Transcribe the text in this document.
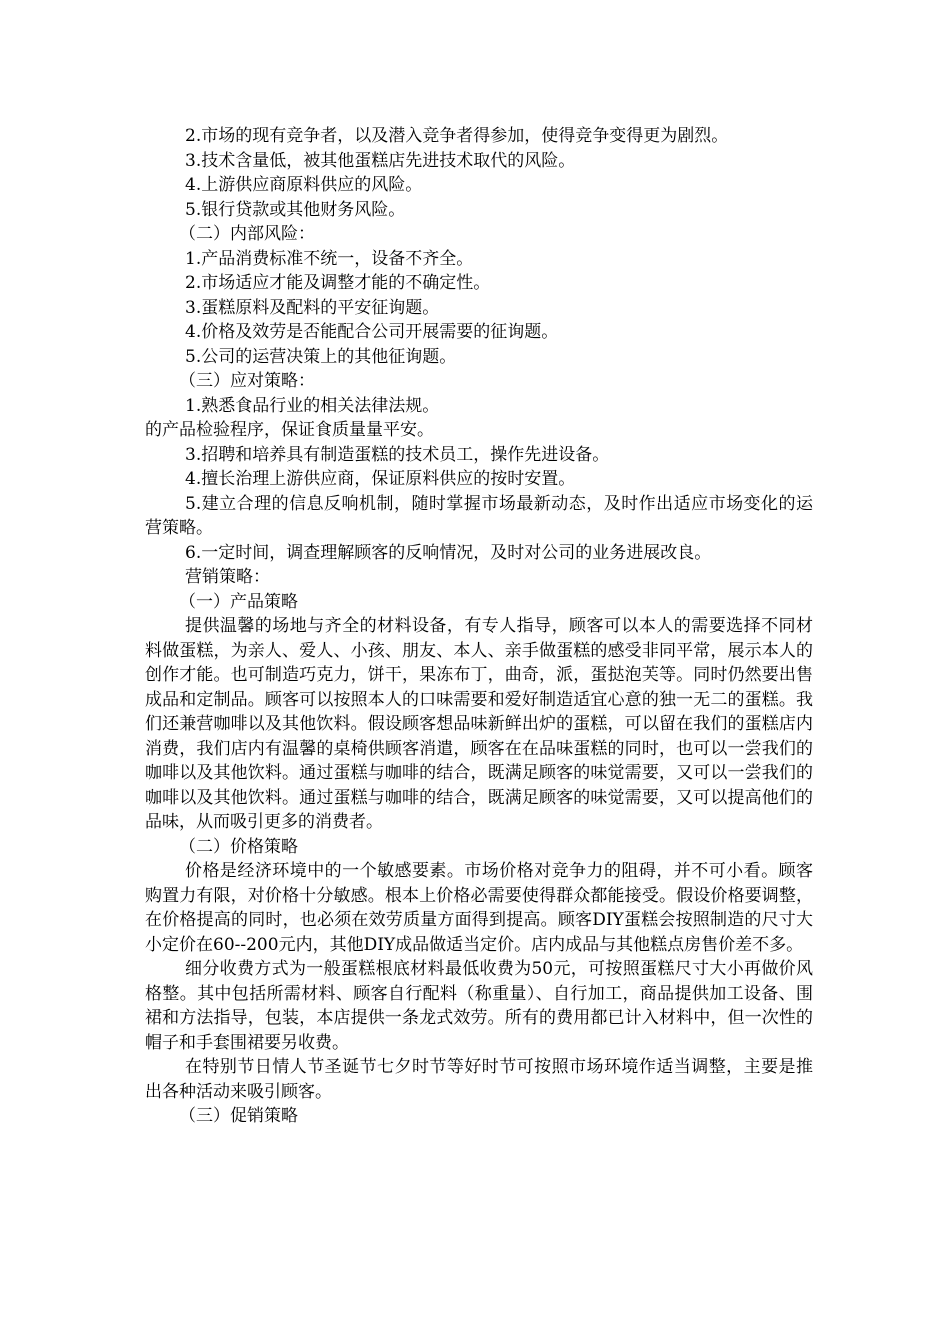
2.市场的现有竞争者，以及潜入竞争者得参加，使得竞争变得更为剧烈。
3.技术含量低，被其他蛋糕店先进技术取代的风险。
4.上游供应商原料供应的风险。
5.银行贷款或其他财务风险。
（二）内部风险：
1.产品消费标准不统一，设备不齐全。
2.市场适应才能及调整才能的不确定性。
3.蛋糕原料及配料的平安征询题。
4.价格及效劳是否能配合公司开展需要的征询题。
5.公司的运营决策上的其他征询题。
（三）应对策略：
1.熟悉食品行业的相关法律法规。
的产品检验程序，保证食质量量平安。
3.招聘和培养具有制造蛋糕的技术员工，操作先进设备。
4.擅长治理上游供应商，保证原料供应的按时安置。
5.建立合理的信息反响机制，随时掌握市场最新动态，及时作出适应市场变化的运营策略。
6.一定时间，调查理解顾客的反响情况，及时对公司的业务进展改良。
营销策略：
（一）产品策略
提供温馨的场地与齐全的材料设备，有专人指导，顾客可以本人的需要选择不同材料做蛋糕，为亲人、爱人、小孩、朋友、本人、亲手做蛋糕的感受非同平常，展示本人的创作才能。也可制造巧克力，饼干，果冻布丁，曲奇，派，蛋挞泡芙等。同时仍然要出售成品和定制品。顾客可以按照本人的口味需要和爱好制造适宜心意的独一无二的蛋糕。我们还兼营咖啡以及其他饮料。假设顾客想品味新鲜出炉的蛋糕，可以留在我们的蛋糕店内消费，我们店内有温馨的桌椅供顾客消遣，顾客在在品味蛋糕的同时，也可以一尝我们的咖啡以及其他饮料。通过蛋糕与咖啡的结合，既满足顾客的味觉需要，又可以一尝我们的咖啡以及其他饮料。通过蛋糕与咖啡的结合，既满足顾客的味觉需要，又可以提高他们的品味，从而吸引更多的消费者。
（二）价格策略
价格是经济环境中的一个敏感要素。市场价格对竞争力的阻碍，并不可小看。顾客购置力有限，对价格十分敏感。根本上价格必需要使得群众都能接受。假设价格要调整，在价格提高的同时，也必须在效劳质量方面得到提高。顾客DIY蛋糕会按照制造的尺寸大小定价在60--200元内，其他DIY成品做适当定价。店内成品与其他糕点房售价差不多。
细分收费方式为一般蛋糕根底材料最低收费为50元，可按照蛋糕尺寸大小再做价风格整。其中包括所需材料、顾客自行配料（称重量）、自行加工，商品提供加工设备、围裙和方法指导，包装，本店提供一条龙式效劳。所有的费用都已计入材料中，但一次性的帽子和手套围裙要另收费。
在特别节日情人节圣诞节七夕时节等好时节可按照市场环境作适当调整，主要是推出各种活动来吸引顾客。
（三）促销策略
